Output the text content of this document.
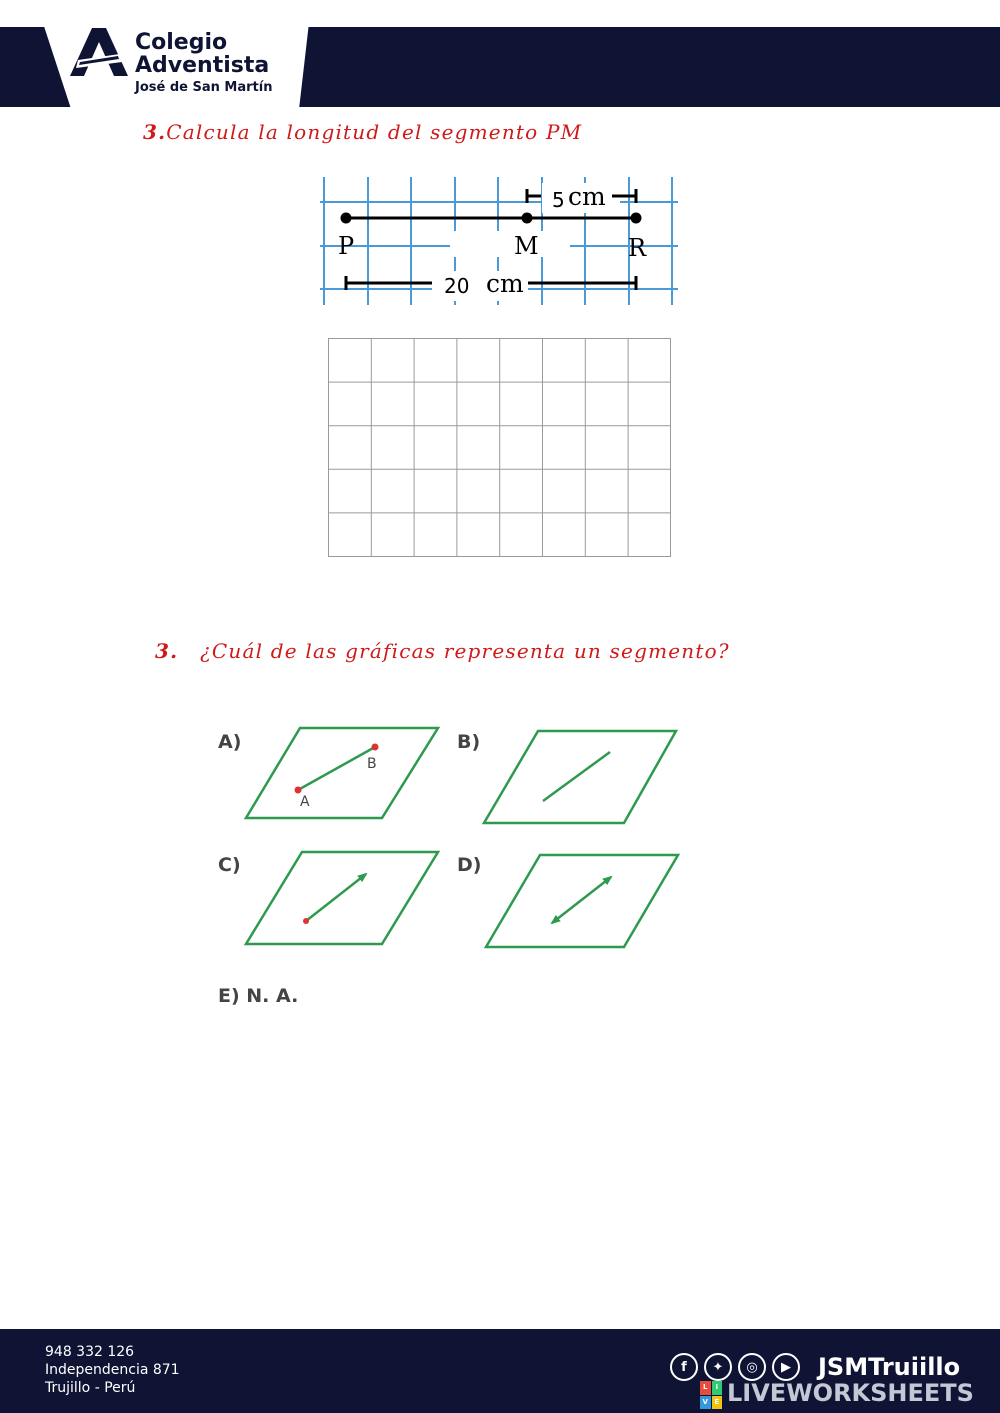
Colegio
Adventista
José de San Martín
3.Calcula la longitud del segmento PM
P	M	R
5 cm
20 cm
3. ¿Cuál de las gráficas representa un segmento?
A)	B)
C)	D)
E) N. A.
A
B
948 332 126
Independencia 871
Trujillo - Perú
f	✦	◎	▶	JSMTruiillo
L	I
V E LIVEWORKSHEETS
